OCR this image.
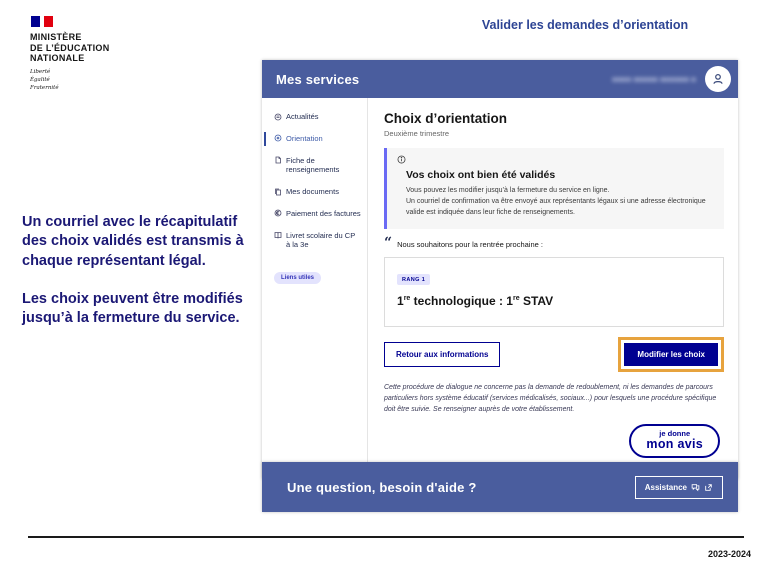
MINISTÈRE
DE L’ÉDUCATION
NATIONALE
Liberté
Égalité
Fraternité
Valider les demandes d’orientation

Un courriel avec le récapitulatif des choix validés est transmis à chaque représentant légal.

Les choix peuvent être modifiés jusqu’à la fermeture du service.

Mes services	■■■■ ■■■■■ ■■■■■■ ■
Actualités
Orientation
Fiche de renseignements
Mes documents
Paiement des factures
Livret scolaire du CP à la 3e
Liens utiles
Choix d’orientation
Deuxième trimestre
Vos choix ont bien été validés
Vous pouvez les modifier jusqu’à la fermeture du service en ligne.
Un courriel de confirmation va être envoyé aux représentants légaux si une adresse électronique valide est indiquée dans leur fiche de renseignements.
“ Nous souhaitons pour la rentrée prochaine :
RANG 1
1re technologique : 1re STAV
Retour aux informations	Modifier les choix
Cette procédure de dialogue ne concerne pas la demande de redoublement, ni les demandes de parcours particuliers hors système éducatif (services médicalisés, sociaux...) pour lesquels une procédure spécifique doit être suivie. Se renseigner auprès de votre établissement.
je donne
mon avis
Une question, besoin d'aide ?	Assistance
2023-2024
